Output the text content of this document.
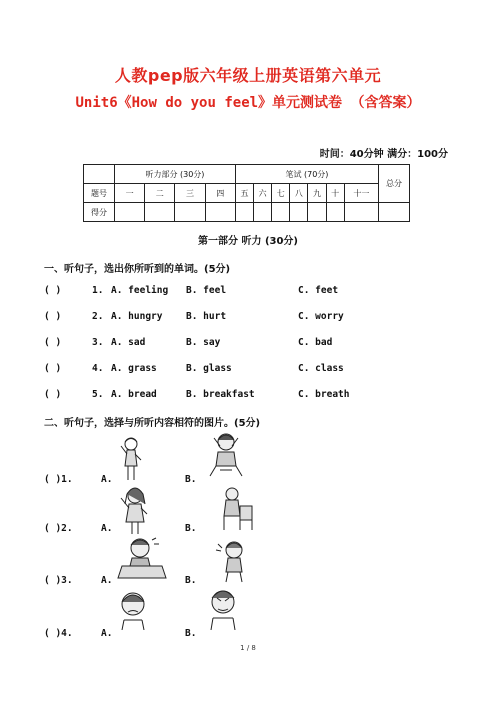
人教pep版六年级上册英语第六单元
Unit6《How do you feel》单元测试卷 （含答案）
时间：40分钟 满分：100分
	听力部分 (30分)				笔试 (70分)							总分
题号	一	二	三	四	五	六	七	八	九	十	十一	
得分												
第一部分 听力 (30分)
一、听句子，选出你所听到的单词。(5分)
( )	1. A. feeling B. feel	C. feet
( )	2. A. hungry B. hurt	C. worry
( )	3. A. sad	B. say	C. bad
( )	4. A. grass	B. glass	C. class
( )	5. A. bread	B. breakfast	C. breath
二、听句子，选择与所听内容相符的图片。(5分)
( )1.	A.	B.
( )2.	A.	B.
( )3.	A.	B.
( )4.	A.	B.
1 / 8
